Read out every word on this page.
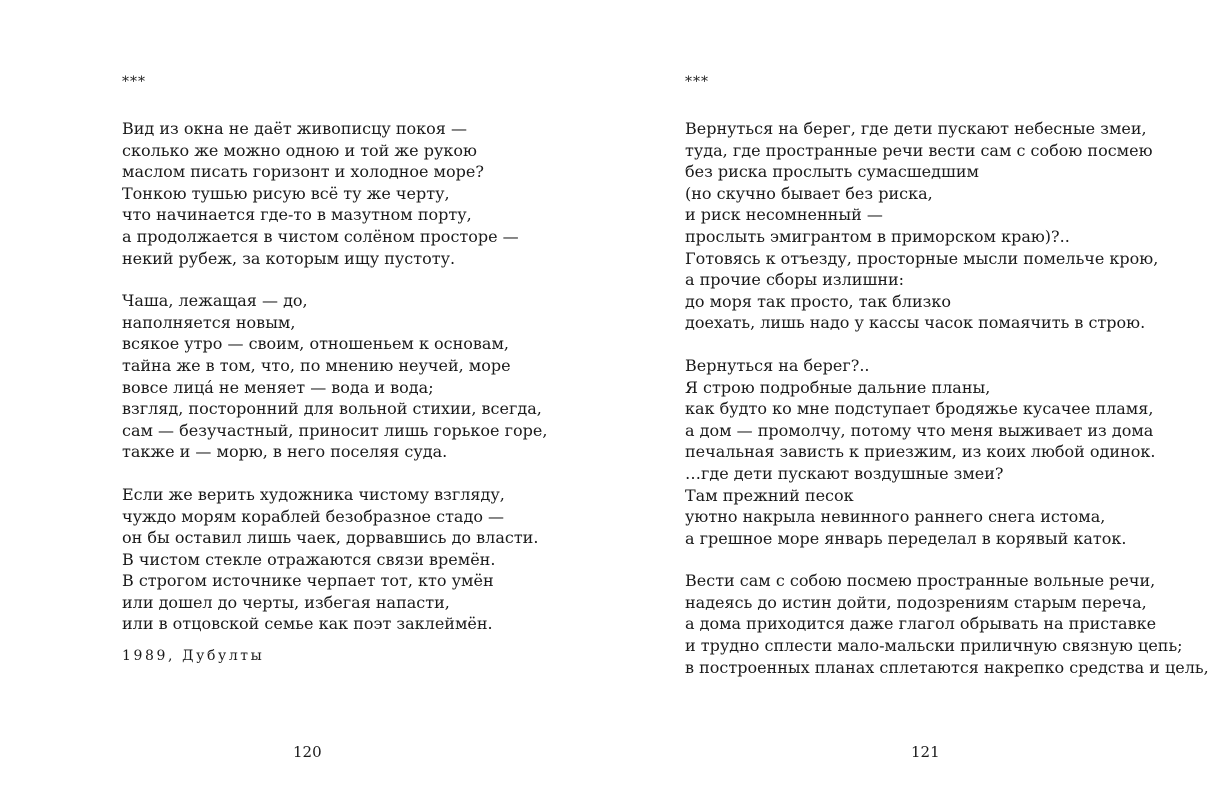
***
Вид из окна не даёт живописцу покоя —
сколько же можно одною и той же рукою
маслом писать горизонт и холодное море?
Тонкою тушью рисую всё ту же черту,
что начинается где-то в мазутном порту,
а продолжается в чистом солёном просторе —
некий рубеж, за которым ищу пустоту.
Чаша, лежащая — до,
наполняется новым,
всякое утро — своим, отношеньем к основам,
тайна же в том, что, по мнению неучей, море
вовсе лица́ не меняет — вода и вода;
взгляд, посторонний для вольной стихии, всегда,
сам — безучастный, приносит лишь горькое горе,
также и — морю, в него поселяя суда.
Если же верить художника чистому взгляду,
чуждо морям кораблей безобразное стадо —
он бы оставил лишь чаек, дорвавшись до власти.
В чистом стекле отражаются связи времён.
В строгом источнике черпает тот, кто умён
или дошел до черты, избегая напасти,
или в отцовской семье как поэт заклеймён.
1989, Дубулты
120
***
Вернуться на берег, где дети пускают небесные змеи,
туда, где пространные речи вести сам с собою посмею
без риска прослыть сумасшедшим
(но скучно бывает без риска,
и риск несомненный —
прослыть эмигрантом в приморском краю)?..
Готовясь к отъезду, просторные мысли помельче крою,
а прочие сборы излишни:
до моря так просто, так близко
доехать, лишь надо у кассы часок помаячить в строю.
Вернуться на берег?..
Я строю подробные дальние планы,
как будто ко мне подступает бродяжье кусачее пламя,
а дом — промолчу, потому что меня выживает из дома
печальная зависть к приезжим, из коих любой одинок.
…где дети пускают воздушные змеи?
Там прежний песок
уютно накрыла невинного раннего снега истома,
а грешное море январь переделал в корявый каток.
Вести сам с собою посмею пространные вольные речи,
надеясь до истин дойти, подозрениям старым переча,
а дома приходится даже глагол обрывать на приставке
и трудно сплести мало-мальски приличную связную цепь;
в построенных планах сплетаются накрепко средства и цель,
121
